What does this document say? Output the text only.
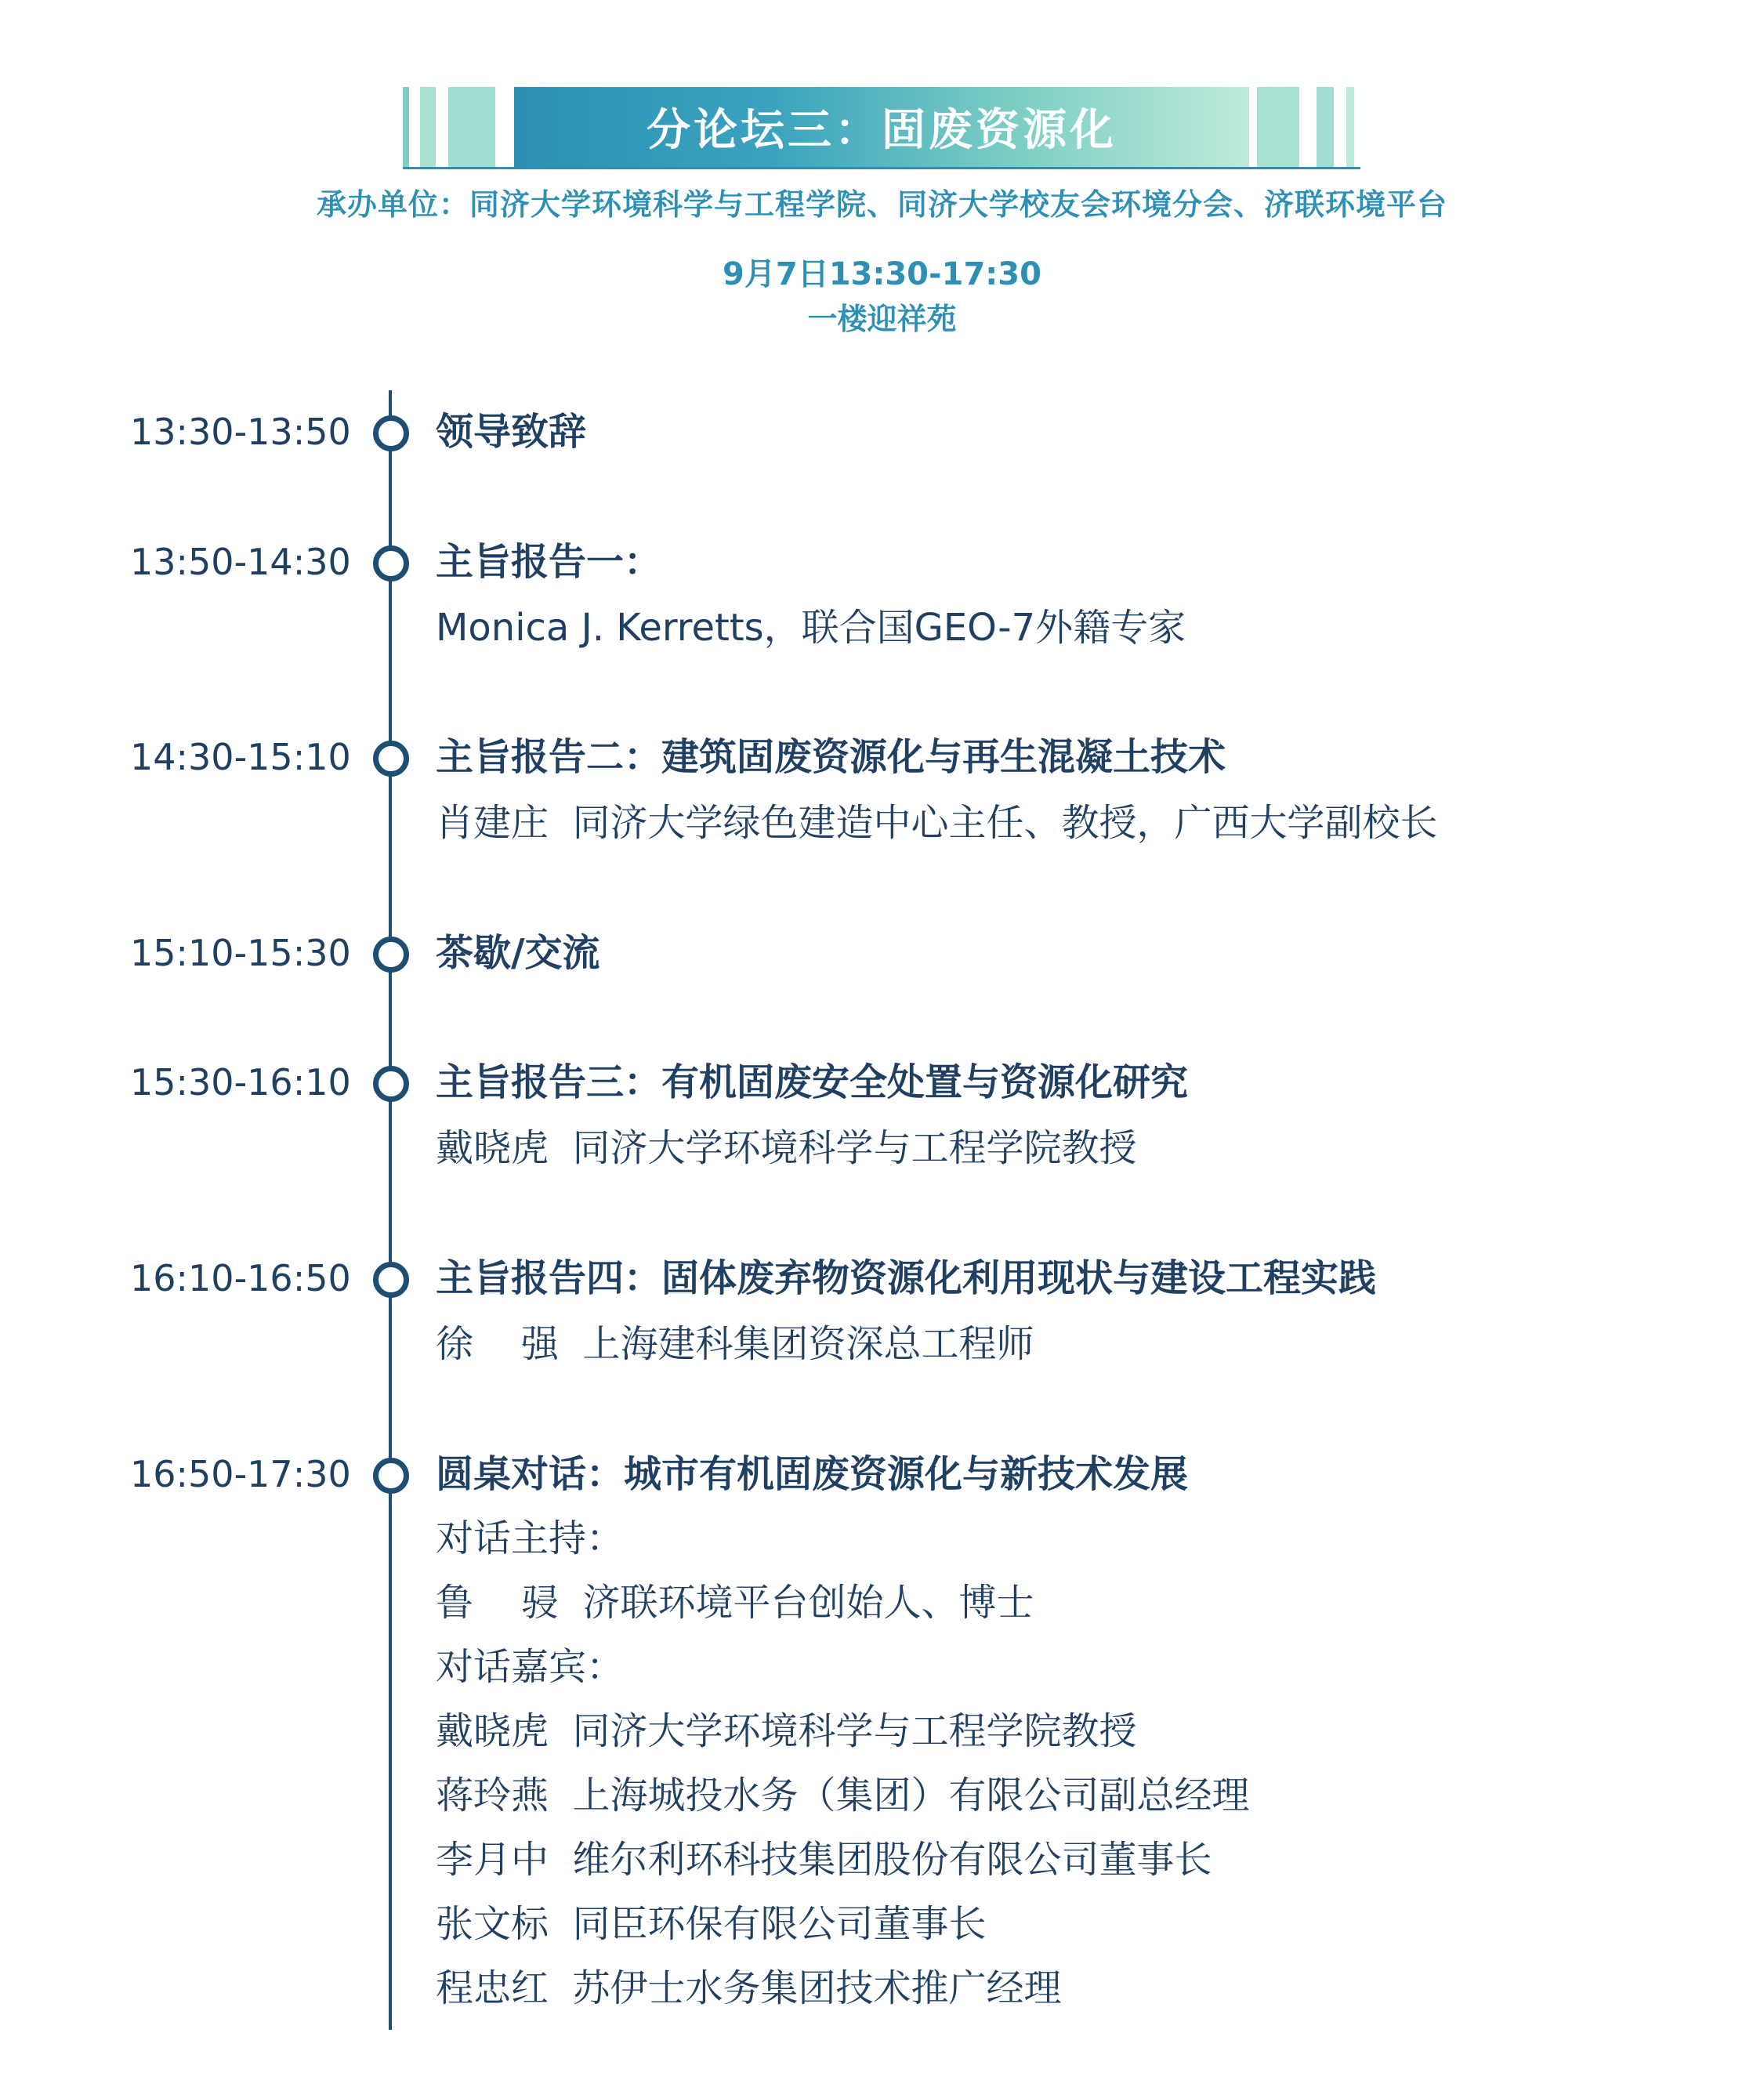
分论坛三：固废资源化
承办单位：同济大学环境科学与工程学院、同济大学校友会环境分会、济联环境平台
9月7日13:30-17:30
一楼迎祥苑
13:30-13:50 领导致辞
13:50-14:30 主旨报告一：
Monica J. Kerretts，联合国GEO-7外籍专家
14:30-15:10 主旨报告二：建筑固废资源化与再生混凝土技术
肖建庄  同济大学绿色建造中心主任、教授，广西大学副校长
15:10-15:30 茶歇/交流
15:30-16:10 主旨报告三：有机固废安全处置与资源化研究
戴晓虎  同济大学环境科学与工程学院教授
16:10-16:50 主旨报告四：固体废弃物资源化利用现状与建设工程实践
徐    强  上海建科集团资深总工程师
16:50-17:30 圆桌对话：城市有机固废资源化与新技术发展
对话主持：
鲁    骎  济联环境平台创始人、博士
对话嘉宾：
戴晓虎  同济大学环境科学与工程学院教授
蒋玲燕  上海城投水务（集团）有限公司副总经理
李月中  维尔利环科技集团股份有限公司董事长
张文标  同臣环保有限公司董事长
程忠红  苏伊士水务集团技术推广经理
